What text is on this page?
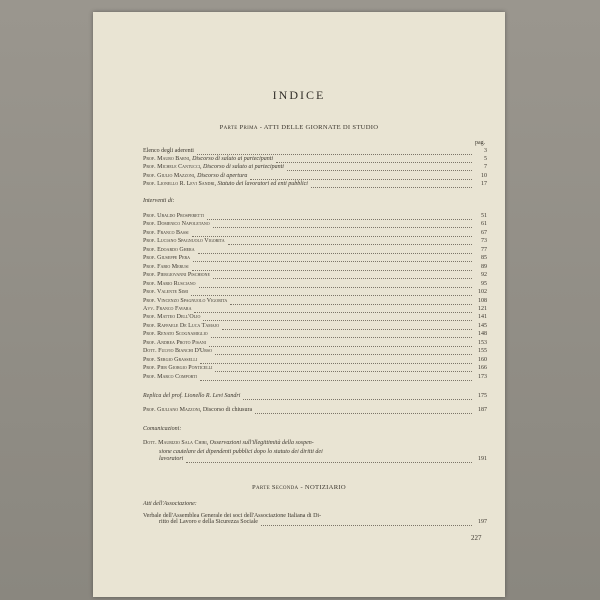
INDICE
Parte Prima - ATTI DELLE GIORNATE DI STUDIO
pag.
Elenco degli aderenti	3
Prof. Mauro Barni, Discorso di saluto ai partecipanti	5
Prof. Michele Cantucci, Discorso di saluto ai partecipanti	7
Prof. Giulio Mazzoni, Discorso di apertura	10
Prof. Lionello R. Levi Sandri, Statuto dei lavoratori ed enti pubblici	17
Interventi di:
Prof. Ubaldo Prosperetti	51
Prof. Domenico Napoletano	61
Prof. Franco Bassi	67
Prof. Luciano Spagnuolo Vigorita	73
Prof. Edoardo Ghera	77
Prof. Giuseppe Pera	85
Prof. Fabio Merusi	89
Prof. Piergiovanni Pischione	92
Prof. Mario Rusciano	95
Prof. Valente Simi	102
Prof. Vincenzo Spagnuolo Vigorita	108
Avv. Franco Favara	121
Prof. Matteo Dell'Olio	141
Prof. Raffaele De Luca Tamajo	145
Prof. Renato Scognamiglio	148
Prof. Andrea Proto Pisani	153
Dott. Fulvio Bianchi D'Urso	155
Prof. Sergio Grasselli	160
Prof. Pier Giorgio Ponticelli	166
Prof. Marco Comporti	173
Replica del prof. Lionello R. Levi Sandri	175
Prof. Giuliano Mazzoni, Discorso di chiusura	187
Comunicazioni:
Dott. Maurizio Sala Chiri, Osservazioni sull'illegittimità della sospen-
sione cautelare dei dipendenti pubblici dopo lo statuto dei diritti dei
lavoratori	191
Parte Seconda - NOTIZIARIO
Atti dell'Associazione:
Verbale dell'Assemblea Generale dei soci dell'Associazione Italiana di Di-
ritto del Lavoro e della Sicurezza Sociale	197
227
